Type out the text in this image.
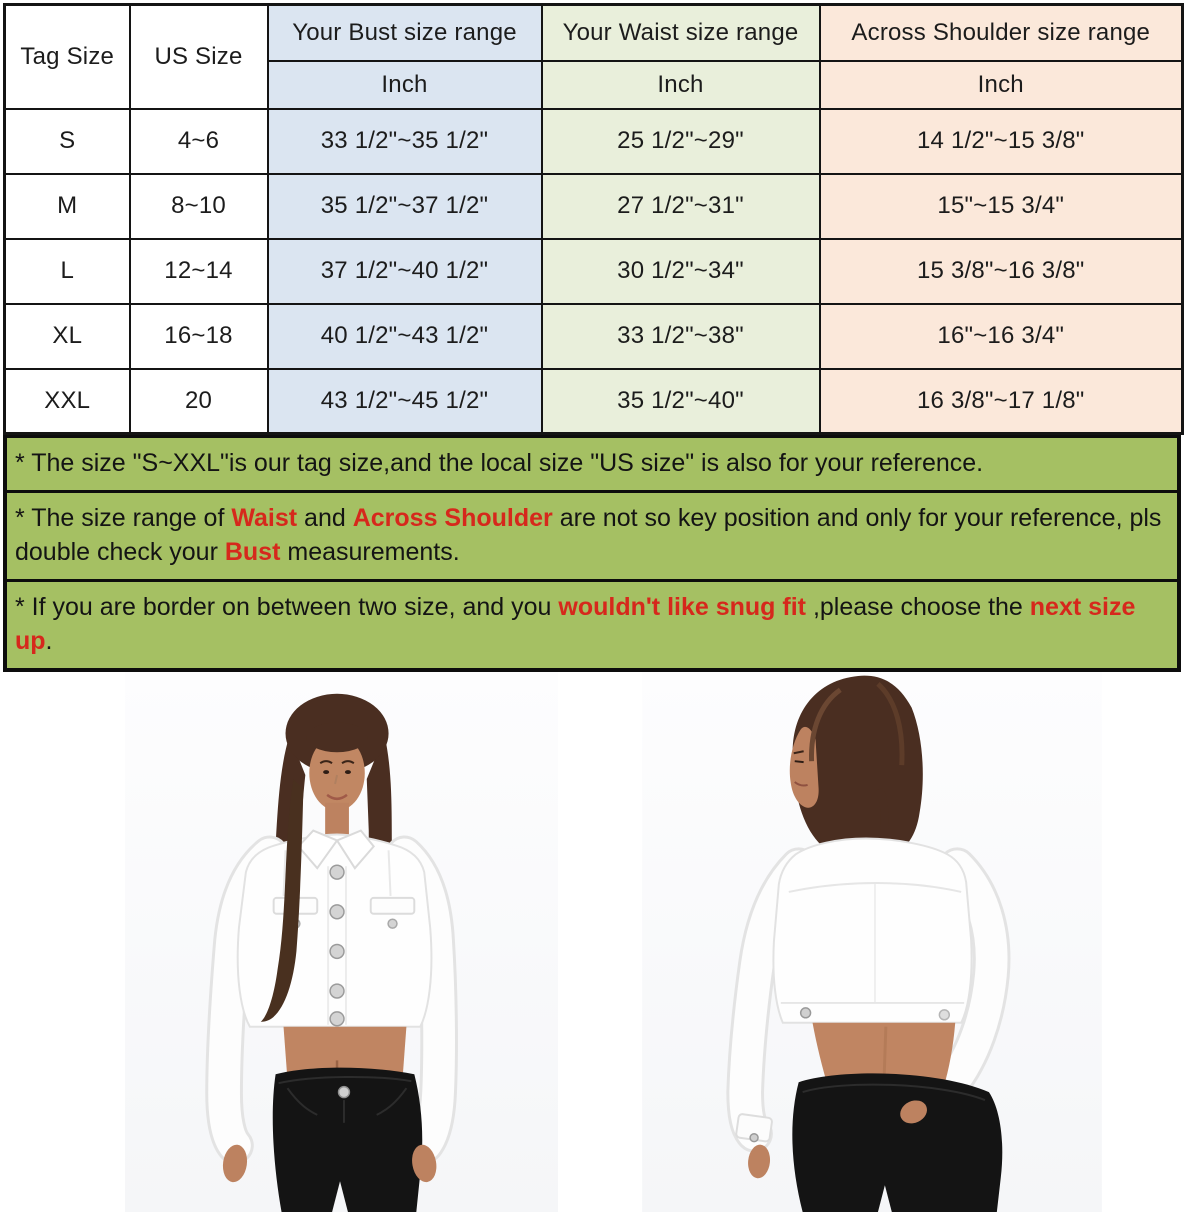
Tag Size	US Size	Your Bust size range	Your Waist size range	Across Shoulder size range
		Inch	Inch	Inch
S	4~6	33 1/2"~35 1/2"	25 1/2"~29"	14 1/2"~15 3/8"
M	8~10	35 1/2"~37 1/2"	27 1/2"~31"	15"~15 3/4"
L	12~14	37 1/2"~40 1/2"	30 1/2"~34"	15 3/8"~16 3/8"
XL	16~18	40 1/2"~43 1/2"	33 1/2"~38"	16"~16 3/4"
XXL	20	43 1/2"~45 1/2"	35 1/2"~40"	16 3/8"~17 1/8"
* The size "S~XXL"is our tag size,and the local size "US size" is also for your reference.
* The size range of Waist and Across Shoulder are not so key position and only for your reference, pls double check your Bust measurements.
* If you are border on between two size, and you wouldn't like snug fit ,please choose the next size up.
